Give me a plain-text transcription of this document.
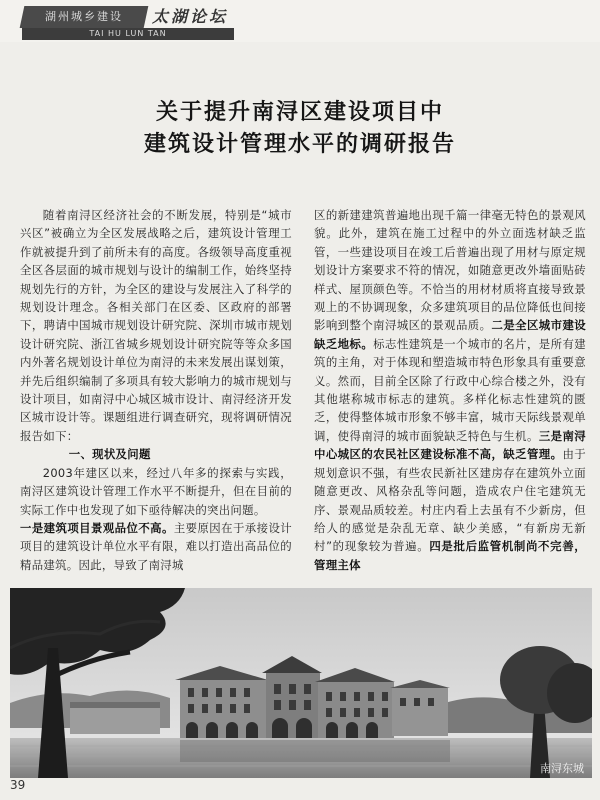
湖州城乡建设	太湖论坛
TAI HU LUN TAN
关于提升南浔区建设项目中
建筑设计管理水平的调研报告

随着南浔区经济社会的不断发展，特别是“城市兴区”被确立为全区发展战略之后，建筑设计管理工作就被提升到了前所未有的高度。各级领导高度重视全区各层面的城市规划与设计的编制工作，始终坚持规划先行的方针，为全区的建设与发展注入了科学的规划设计理念。各相关部门在区委、区政府的部署下，聘请中国城市规划设计研究院、深圳市城市规划设计研究院、浙江省城乡规划设计研究院等等众多国内外著名规划设计单位为南浔的未来发展出谋划策，并先后组织编制了多项具有较大影响力的城市规划与设计项目，如南浔中心城区城市设计、南浔经济开发区城市设计等。课题组进行调查研究，现将调研情况报告如下：

一、现状及问题

2003年建区以来，经过八年多的探索与实践，南浔区建筑设计管理工作水平不断提升，但在目前的实际工作中也发现了如下亟待解决的突出问题。

一是建筑项目景观品位不高。主要原因在于承接设计项目的建筑设计单位水平有限，难以打造出高品位的精品建筑。因此，导致了南浔城

区的新建建筑普遍地出现千篇一律毫无特色的景观风貌。此外，建筑在施工过程中的外立面选材缺乏监管，一些建设项目在竣工后普遍出现了用材与原定规划设计方案要求不符的情况，如随意更改外墙面贴砖样式、屋顶颜色等。不恰当的用材材质将直接导致景观上的不协调现象，众多建筑项目的品位降低也间接影响到整个南浔城区的景观品质。二是全区城市建设缺乏地标。标志性建筑是一个城市的名片，是所有建筑的主角，对于体现和塑造城市特色形象具有重要意义。然而，目前全区除了行政中心综合楼之外，没有其他堪称城市标志的建筑。多样化标志性建筑的匮乏，使得整体城市形象不够丰富，城市天际线景观单调，使得南浔的城市面貌缺乏特色与生机。三是南浔中心城区的农民社区建设标准不高，缺乏管理。由于规划意识不强，有些农民新社区建房存在建筑外立面随意更改、风格杂乱等问题，造成农户住宅建筑无序、景观品质较差。村庄内看上去虽有不少新房，但给人的感觉是杂乱无章、缺少美感，“有新房无新村”的现象较为普遍。四是批后监管机制尚不完善，管理主体

南浔东城
39
